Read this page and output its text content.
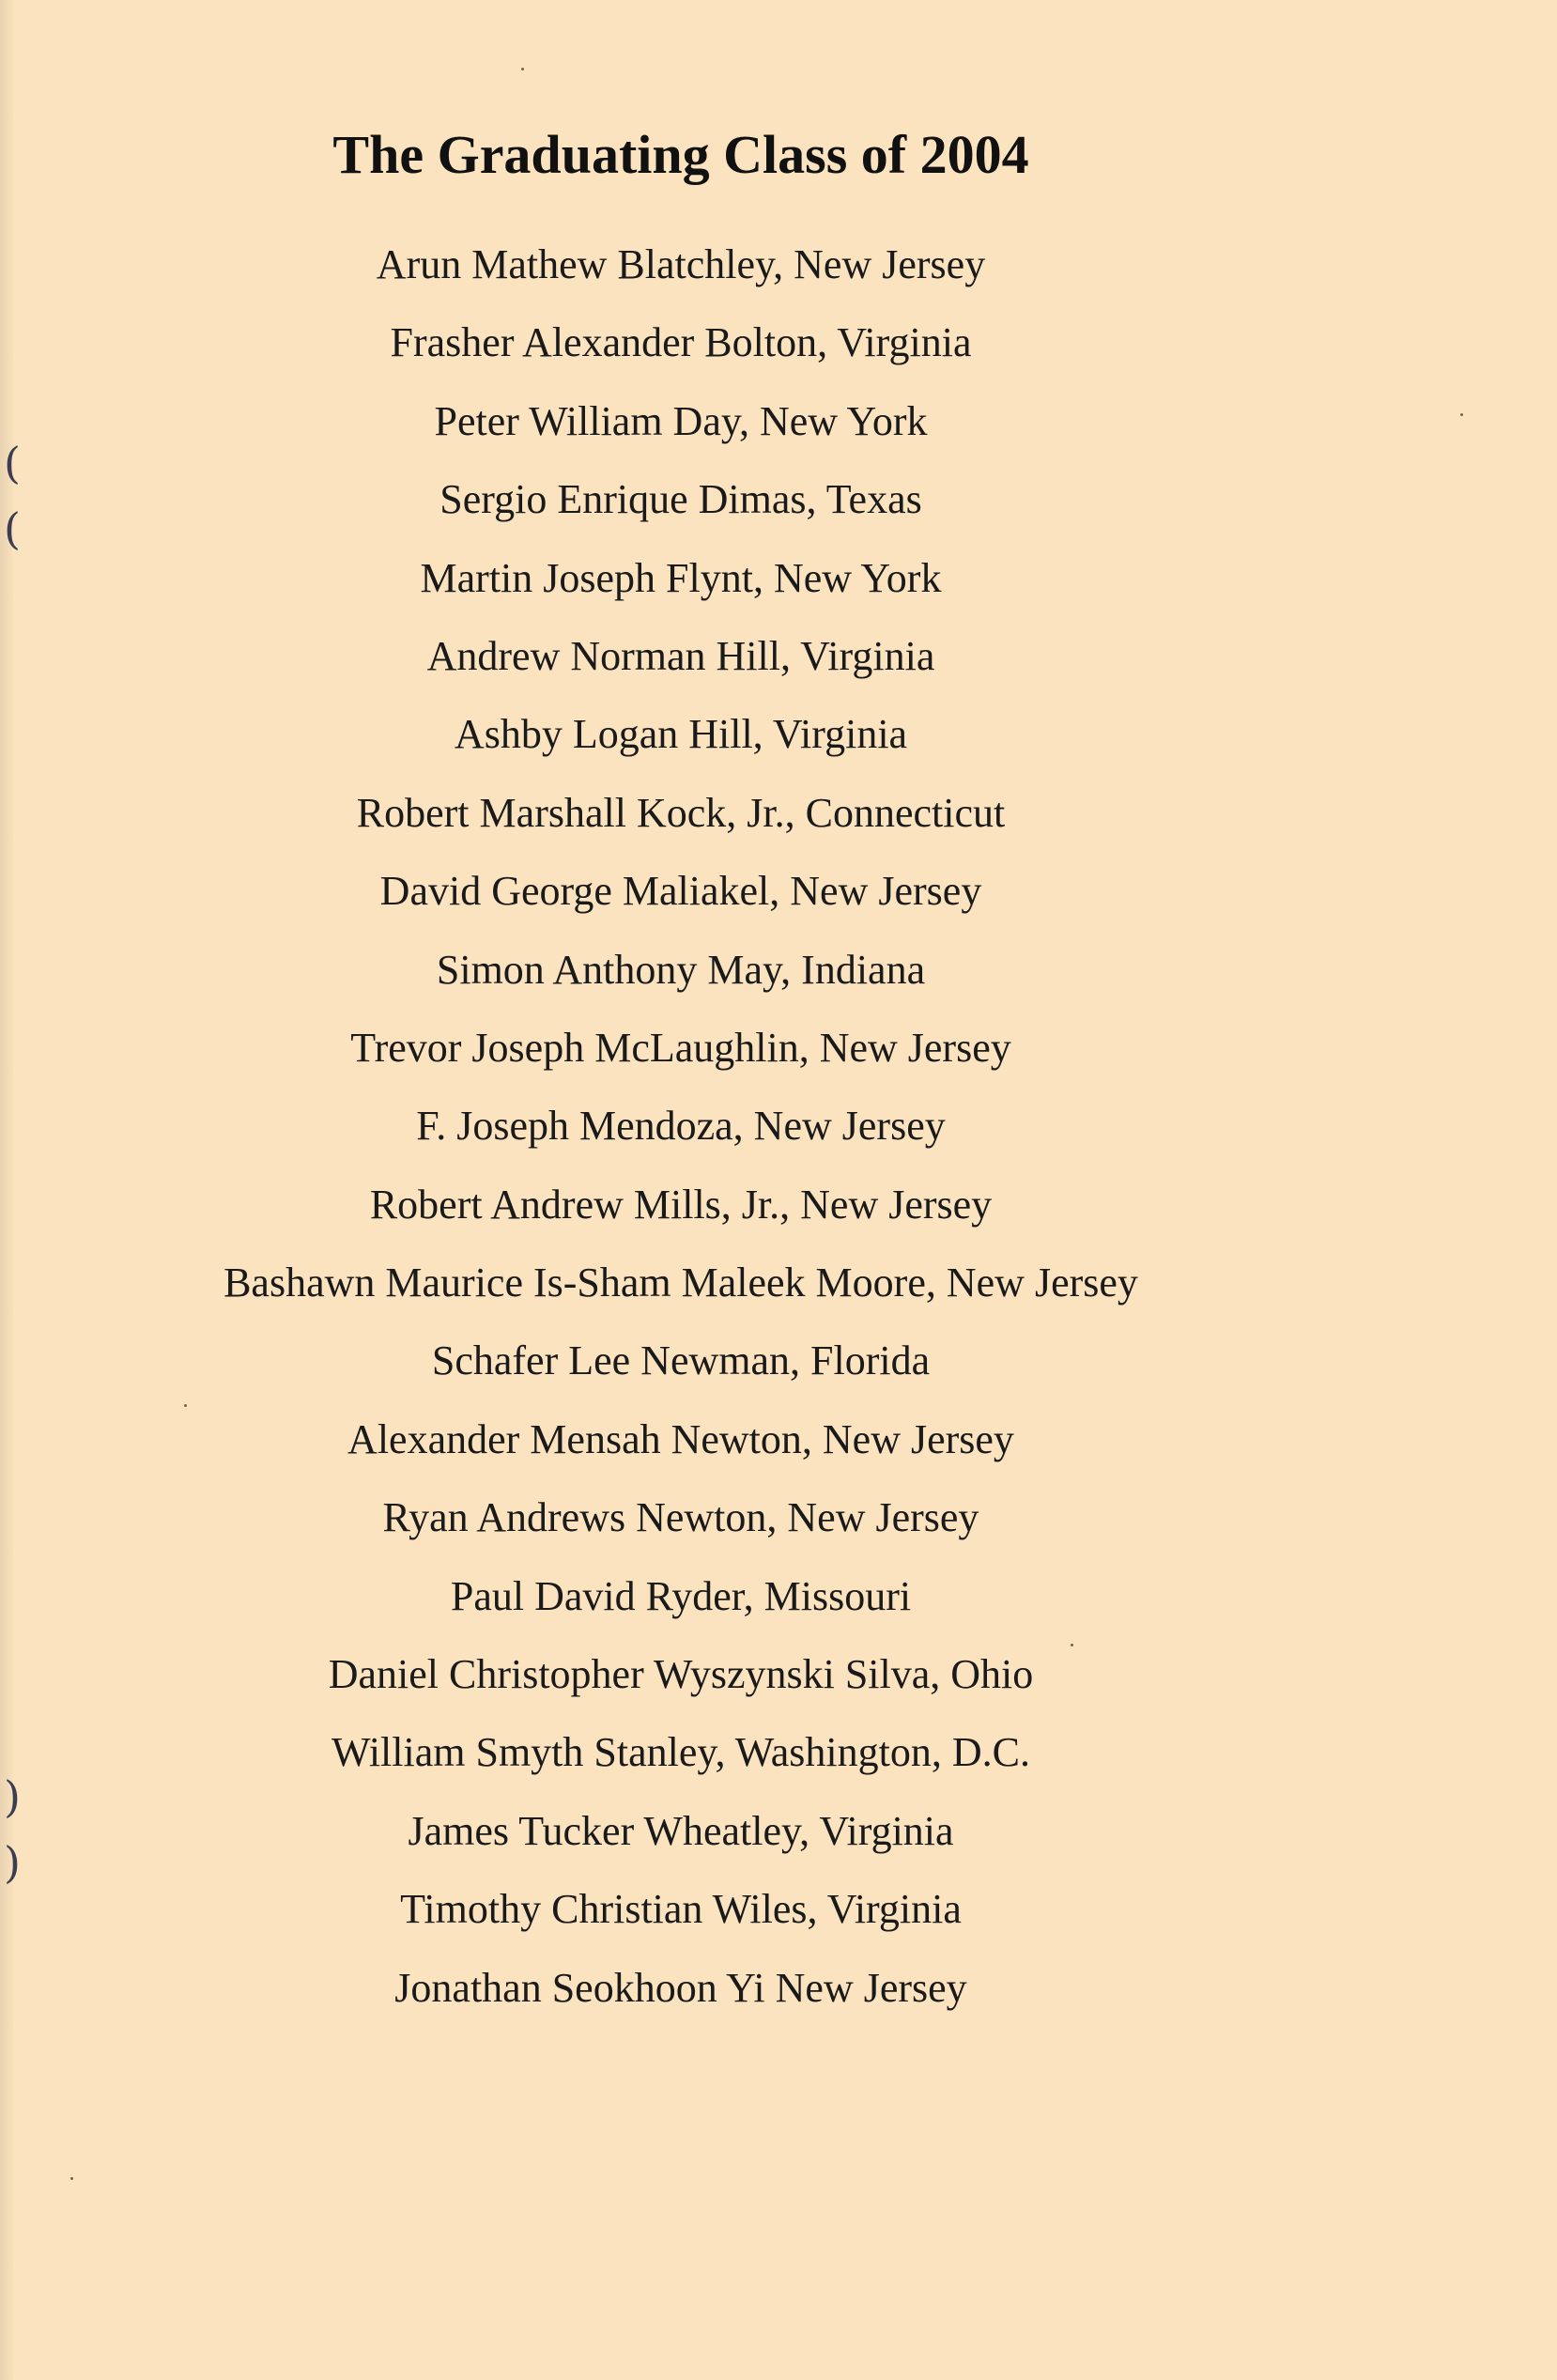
(
(
)
)
The Graduating Class of 2004
Arun Mathew Blatchley, New Jersey
Frasher Alexander Bolton, Virginia
Peter William Day, New York
Sergio Enrique Dimas, Texas
Martin Joseph Flynt, New York
Andrew Norman Hill, Virginia
Ashby Logan Hill, Virginia
Robert Marshall Kock, Jr., Connecticut
David George Maliakel, New Jersey
Simon Anthony May, Indiana
Trevor Joseph McLaughlin, New Jersey
F. Joseph Mendoza, New Jersey
Robert Andrew Mills, Jr., New Jersey
Bashawn Maurice Is-Sham Maleek Moore, New Jersey
Schafer Lee Newman, Florida
Alexander Mensah Newton, New Jersey
Ryan Andrews Newton, New Jersey
Paul David Ryder, Missouri
Daniel Christopher Wyszynski Silva, Ohio
William Smyth Stanley, Washington, D.C.
James Tucker Wheatley, Virginia
Timothy Christian Wiles, Virginia
Jonathan Seokhoon Yi New Jersey
